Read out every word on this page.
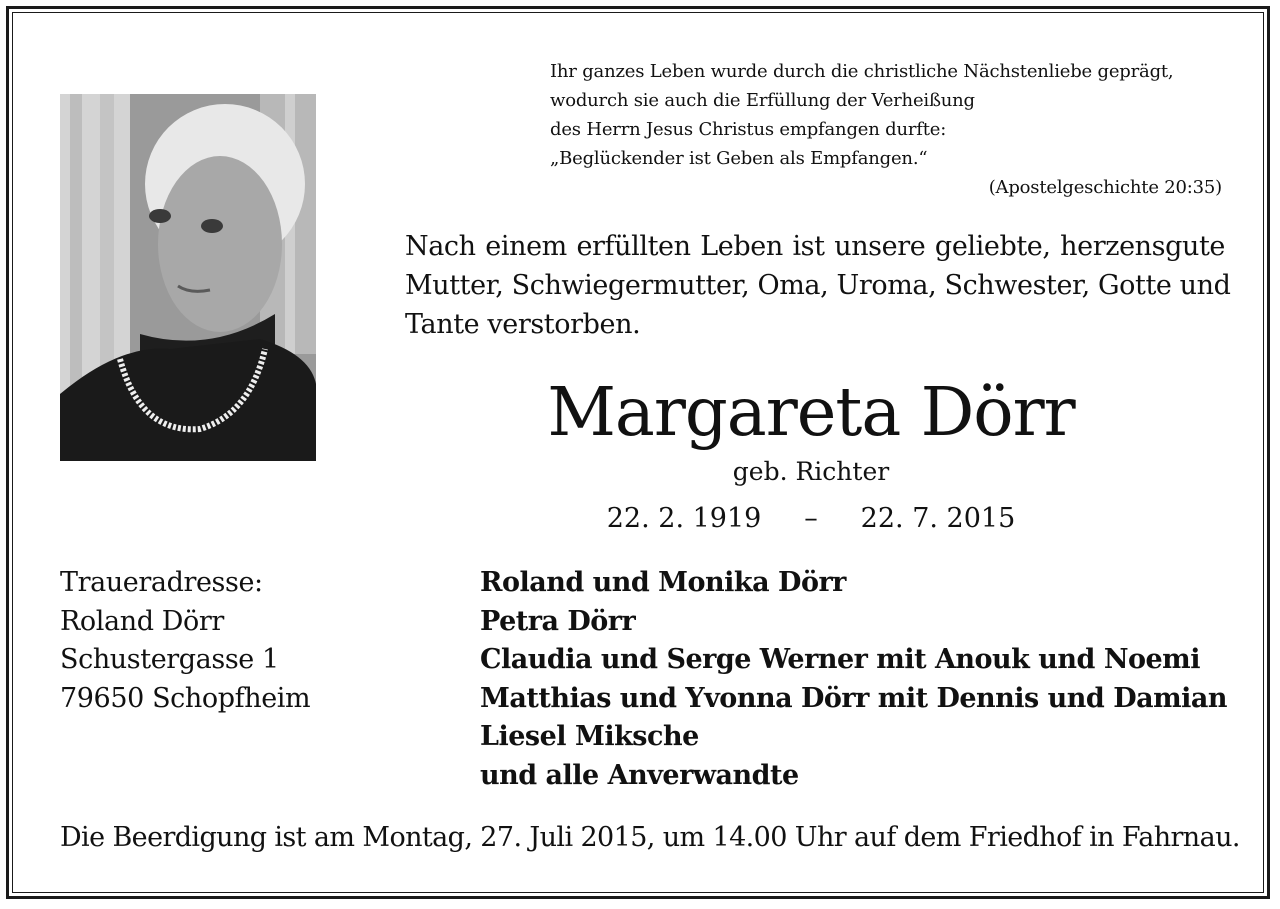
Ihr ganzes Leben wurde durch die christliche Nächstenliebe geprägt,
wodurch sie auch die Erfüllung der Verheißung
des Herrn Jesus Christus empfangen durfte:
„Beglückender ist Geben als Empfangen.“
(Apostelgeschichte 20:35)
Nach einem erfüllten Leben ist unsere geliebte, herzensgute
Mutter, Schwiegermutter, Oma, Uroma, Schwester, Gotte und
Tante verstorben.
Margareta Dörr
geb. Richter
22. 2. 1919 – 22. 7. 2015
Traueradresse:
Roland Dörr
Schustergasse 1
79650 Schopfheim
Roland und Monika Dörr
Petra Dörr
Claudia und Serge Werner mit Anouk und Noemi
Matthias und Yvonna Dörr mit Dennis und Damian
Liesel Miksche
und alle Anverwandte
Die Beerdigung ist am Montag, 27. Juli 2015, um 14.00 Uhr auf dem Friedhof in Fahrnau.
